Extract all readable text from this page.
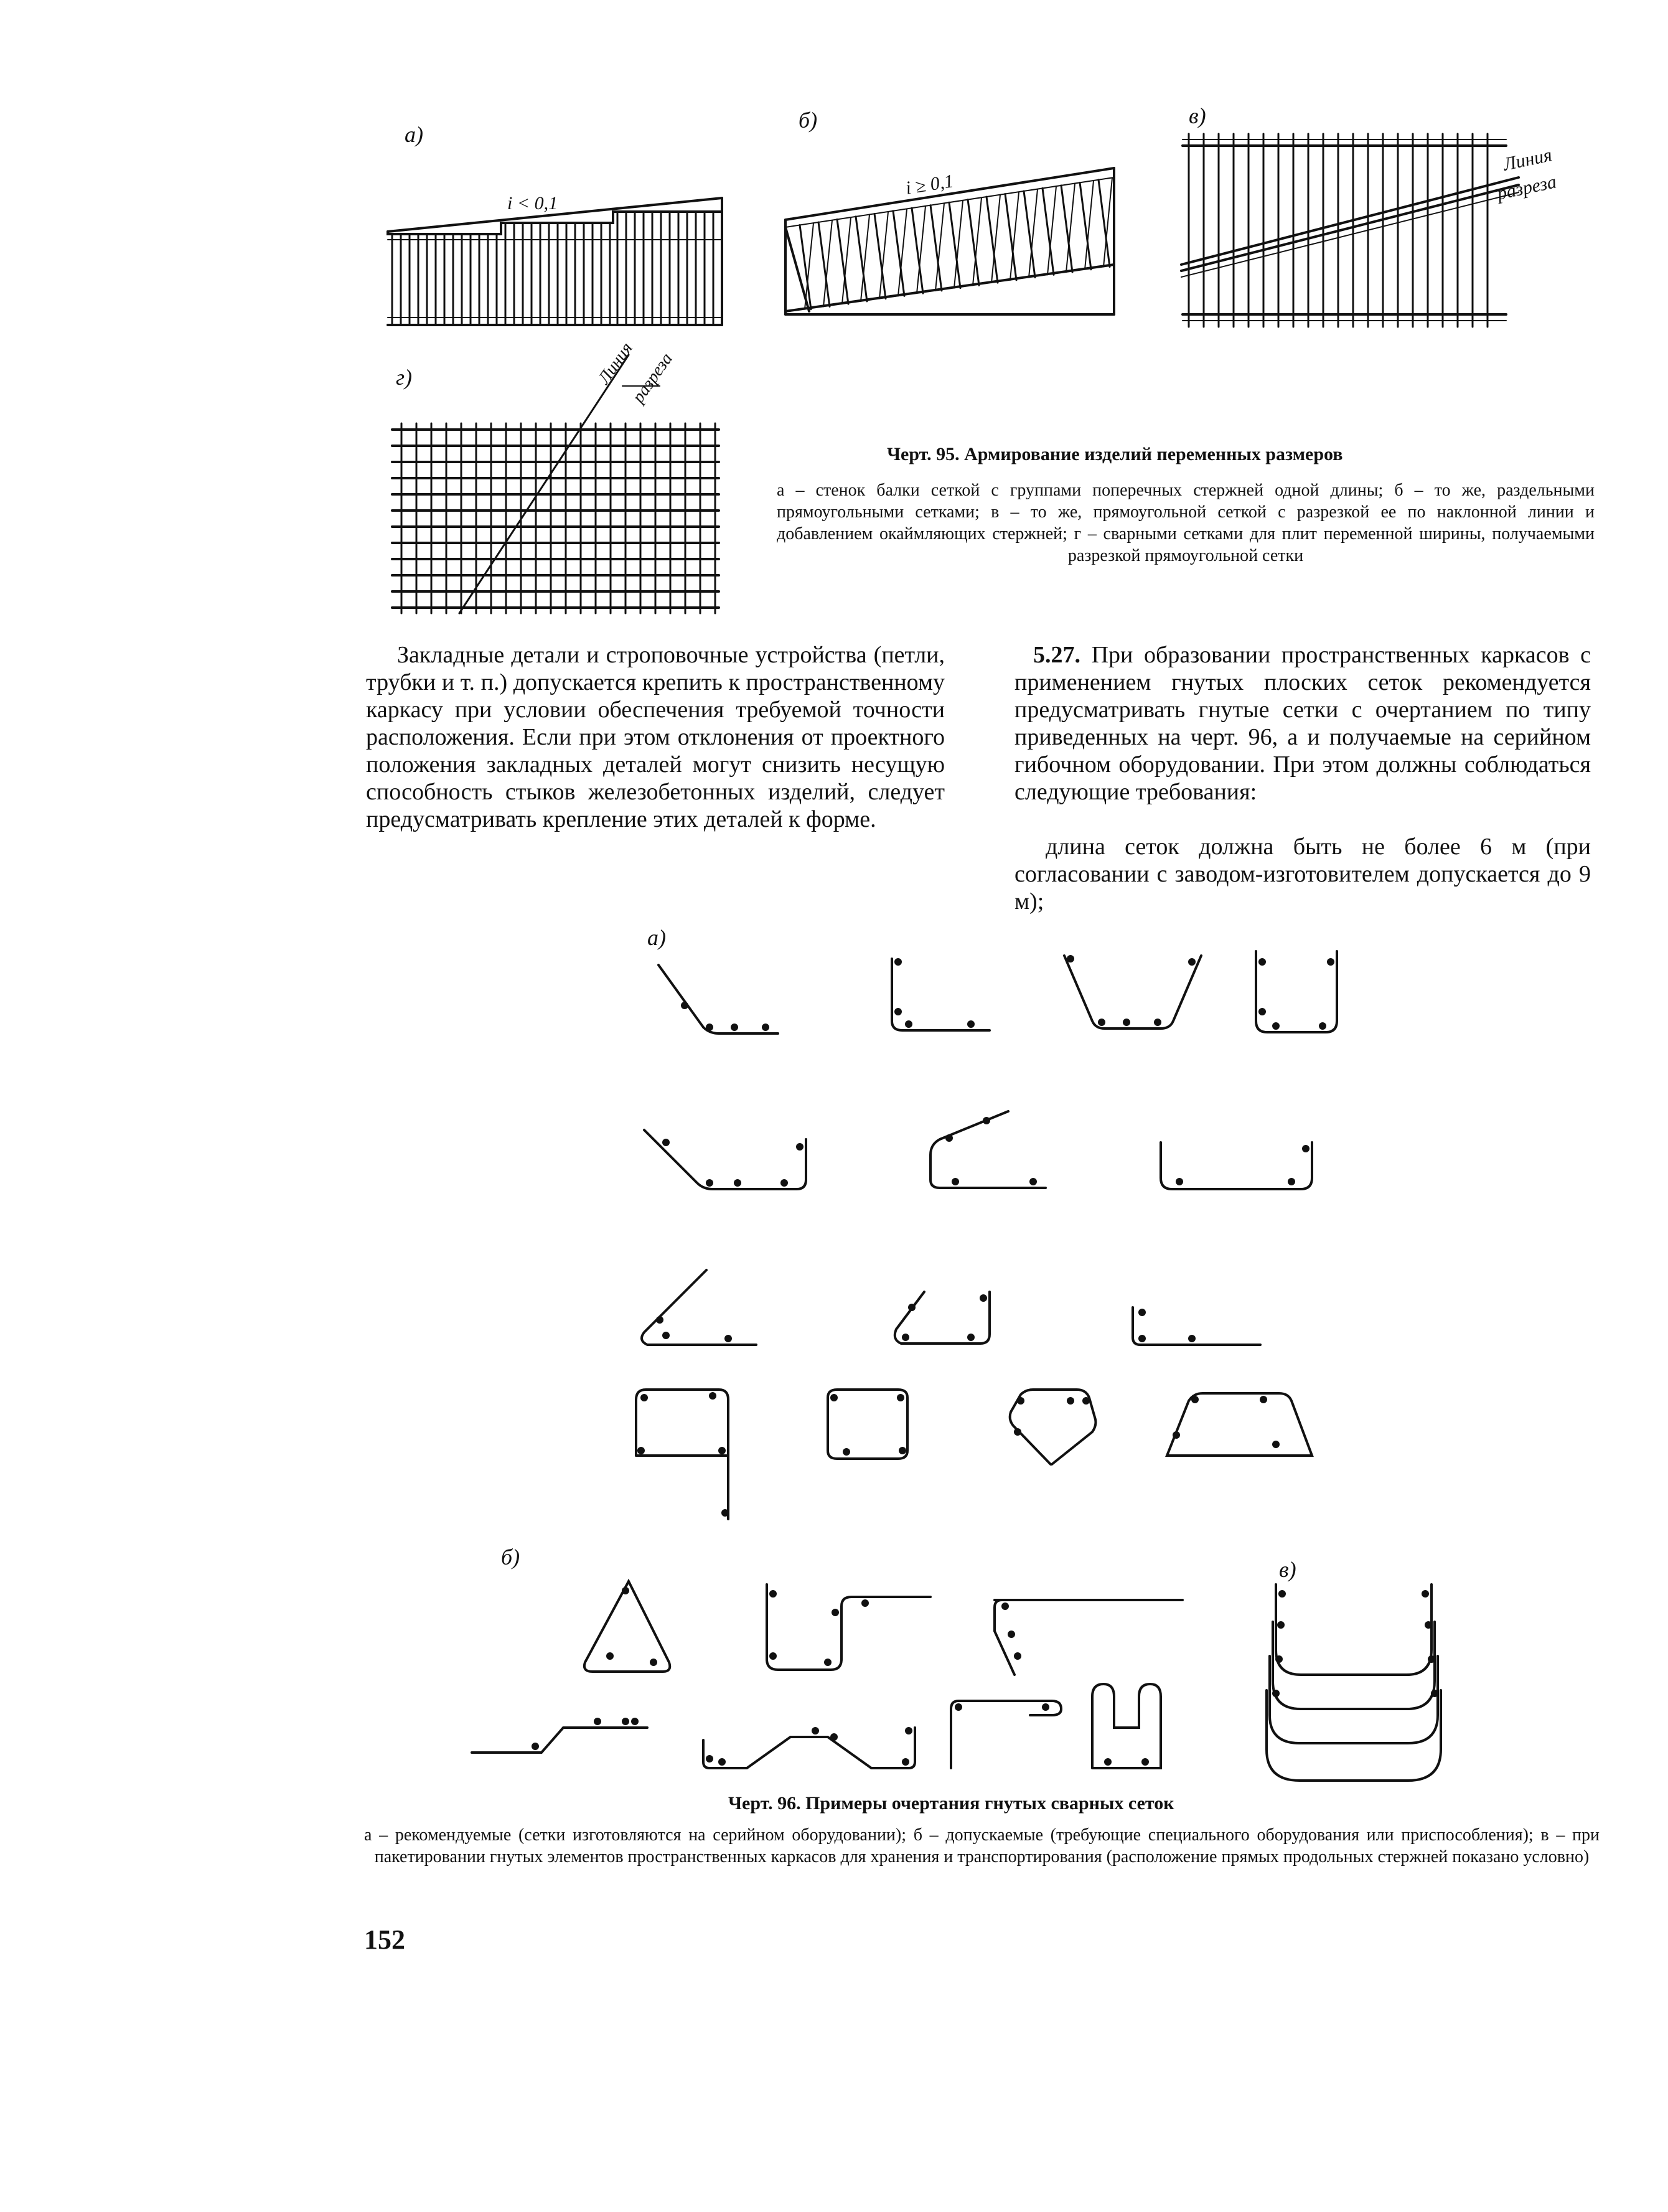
а)
б)	в)
г)
i < 0,1
i ≥ 0,1
Линия
разреза
Линия
разреза
Черт. 95. Армирование изделий переменных размеров
а – стенок балки сеткой с группами поперечных стержней одной длины; б – то же, раздельными прямоугольными сетками; в – то же, прямоугольной сеткой с разрезкой ее по наклонной линии и добавлением окаймляющих стержней; г – сварными сетками для плит переменной ширины, получаемыми разрезкой прямоугольной сетки
Закладные детали и строповочные устройства (петли, трубки и т. п.) допускается крепить к пространственному каркасу при условии обеспечения требуемой точности расположения. Если при этом отклонения от проектного положения закладных деталей могут снизить несущую способность стыков железобетонных изделий, следует предусматривать крепление этих деталей к форме.
5.27. При образовании пространственных каркасов с применением гнутых плоских сеток рекомендуется предусматривать гнутые сетки с очертанием по типу приведенных на черт. 96, а и получаемые на серийном гибочном оборудовании. При этом должны соблюдаться следующие требования:
длина сеток должна быть не более 6 м (при согласовании с заводом-изготовителем допускается до 9 м);
а)
б)	в)
Черт. 96. Примеры очертания гнутых сварных сеток
а – рекомендуемые (сетки изготовляются на серийном оборудовании); б – допускаемые (требующие специального оборудования или приспособления); в – при пакетировании гнутых элементов пространственных каркасов для хранения и транспортирования (расположение прямых продольных стержней показано условно)
152
